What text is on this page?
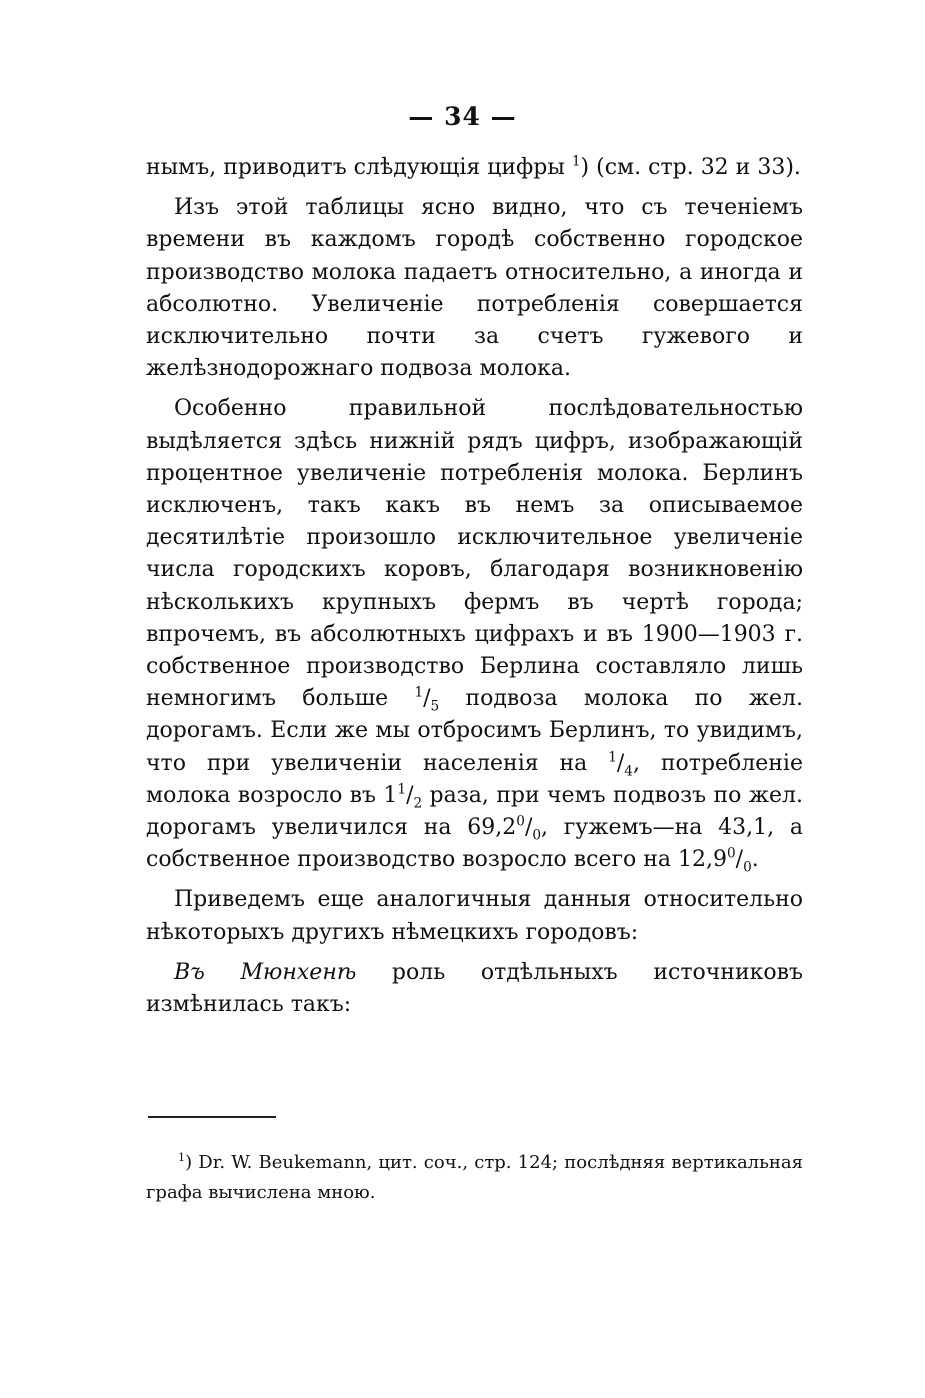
— 34 —

нымъ, приводитъ слѣдующія цифры $^1$) (см. стр. 32 и 33).

Изъ этой таблицы ясно видно, что съ теченіемъ времени въ каждомъ городѣ собственно городское производство молока падаетъ относительно, а иногда и абсолютно. Увеличеніе потребленія совершается исключительно почти за счетъ гужевого и желѣзнодорожнаго подвоза молока.

Особенно правильной послѣдовательностью выдѣляется здѣсь нижній рядъ цифръ, изображающій процентное увеличеніе потребленія молока. Берлинъ исключенъ, такъ какъ въ немъ за описываемое десятилѣтіе произошло исключительное увеличеніе числа городскихъ коровъ, благодаря возникновенію нѣсколькихъ крупныхъ фермъ въ чертѣ города; впрочемъ, въ абсолютныхъ цифрахъ и въ 1900—1903 г. собственное производство Берлина составляло лишь немногимъ больше $^1/_5$ подвоза молока по жел. дорогамъ. Если же мы отбросимъ Берлинъ, то увидимъ, что при увеличеніи населенія на $^1/_4$, потребленіе молока возросло въ $1^1/_2$ раза, при чемъ подвозъ по жел. дорогамъ увеличился на $69,2^0/_0$, гужемъ—на 43,1, а собственное производство возросло всего на $12,9^0/_0$.

Приведемъ еще аналогичныя данныя относительно нѣкоторыхъ другихъ нѣмецкихъ городовъ:

Въ Мюнхенѣ роль отдѣльныхъ источниковъ измѣнилась такъ:

$^1$) Dr. W. Beukemann, цит. соч., стр. 124; послѣдняя вертикальная графа вычислена мною.
